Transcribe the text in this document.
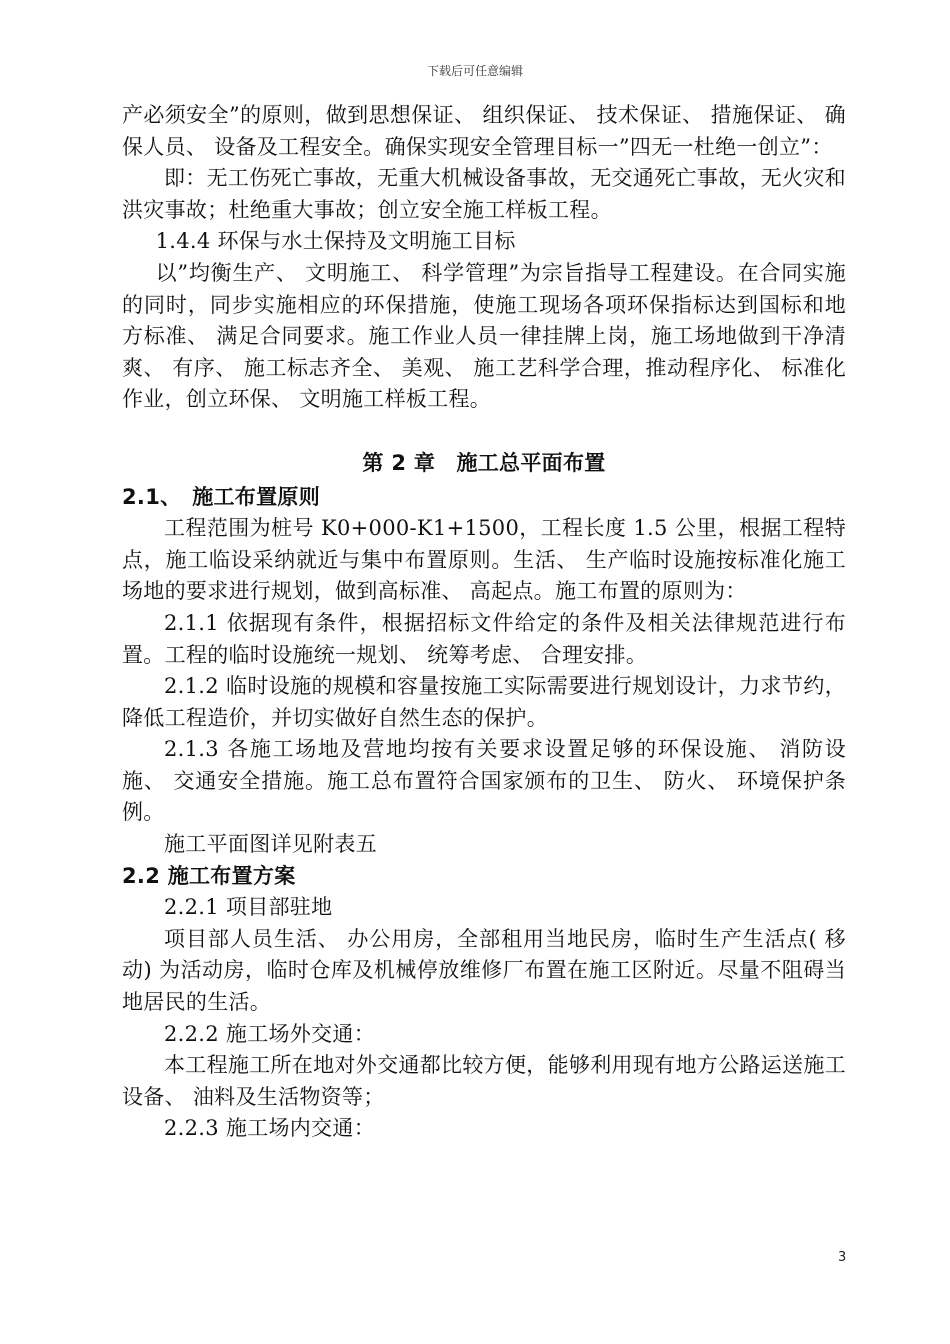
下载后可任意编辑

产必须安全”的原则，做到思想保证、 组织保证、 技术保证、 措施保证、 确保人员、 设备及工程安全。确保实现安全管理目标一”四无一杜绝一创立”：

即：无工伤死亡事故，无重大机械设备事故，无交通死亡事故，无火灾和洪灾事故；杜绝重大事故；创立安全施工样板工程。

1.4.4 环保与水土保持及文明施工目标

以”均衡生产、 文明施工、 科学管理”为宗旨指导工程建设。在合同实施的同时，同步实施相应的环保措施，使施工现场各项环保指标达到国标和地方标准、 满足合同要求。施工作业人员一律挂牌上岗，施工场地做到干净清爽、 有序、 施工标志齐全、 美观、 施工艺科学合理，推动程序化、 标准化作业，创立环保、 文明施工样板工程。

第 2 章　施工总平面布置
2.1、　施工布置原则

工程范围为桩号 K0+000-K1+1500，工程长度 1.5 公里，根据工程特点，施工临设采纳就近与集中布置原则。生活、 生产临时设施按标准化施工场地的要求进行规划，做到高标准、 高起点。施工布置的原则为：

2.1.1 依据现有条件，根据招标文件给定的条件及相关法律规范进行布置。工程的临时设施统一规划、 统筹考虑、 合理安排。

2.1.2 临时设施的规模和容量按施工实际需要进行规划设计，力求节约，降低工程造价，并切实做好自然生态的保护。

2.1.3 各施工场地及营地均按有关要求设置足够的环保设施、 消防设施、 交通安全措施。施工总布置符合国家颁布的卫生、 防火、 环境保护条例。

施工平面图详见附表五

2.2 施工布置方案

2.2.1 项目部驻地

项目部人员生活、 办公用房，全部租用当地民房，临时生产生活点( 移动) 为活动房，临时仓库及机械停放维修厂布置在施工区附近。尽量不阻碍当地居民的生活。

2.2.2 施工场外交通：

本工程施工所在地对外交通都比较方便，能够利用现有地方公路运送施工设备、 油料及生活物资等；

2.2.3 施工场内交通：

3
